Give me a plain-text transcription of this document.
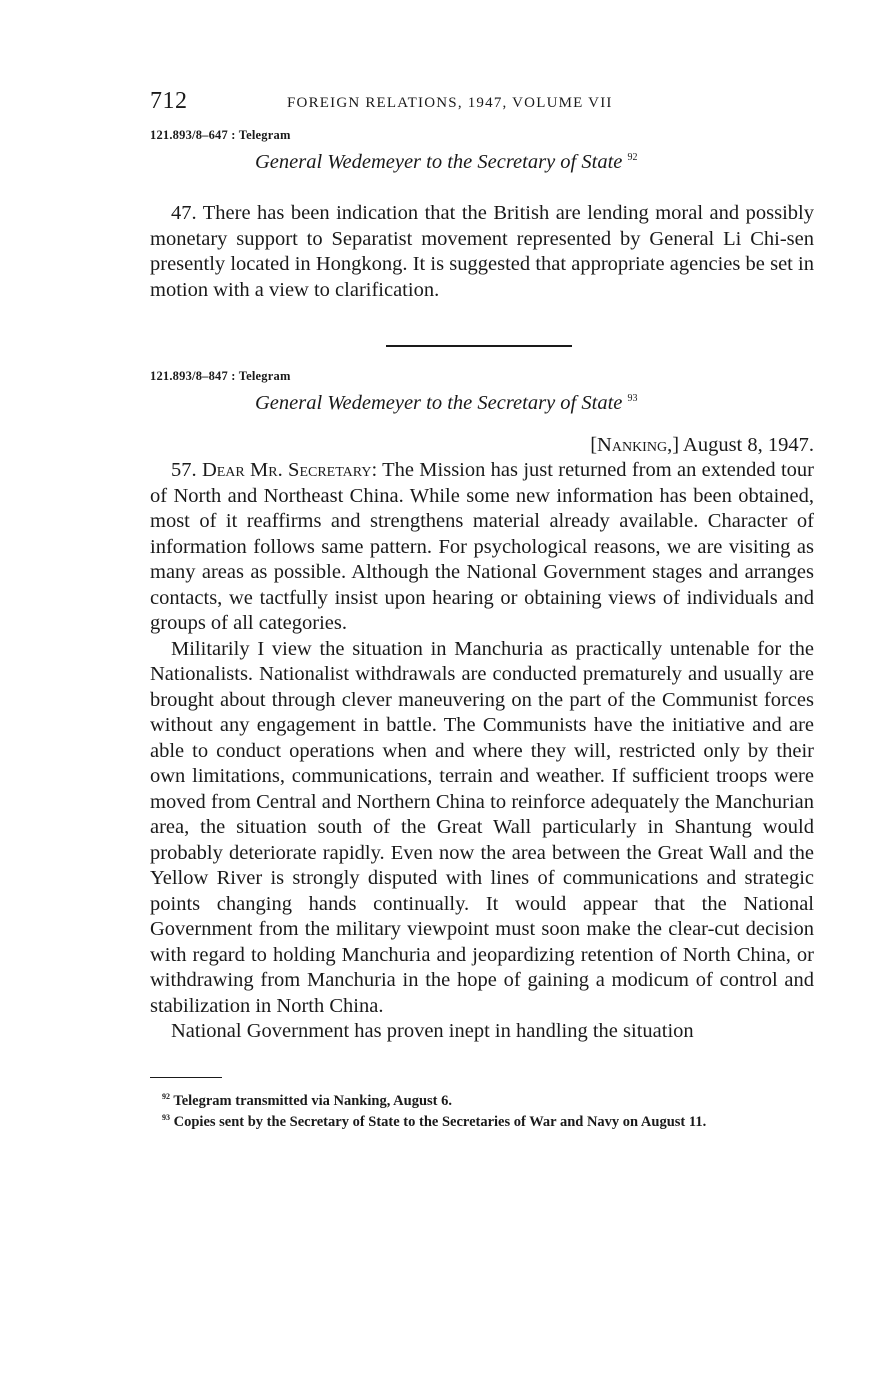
712	FOREIGN RELATIONS, 1947, VOLUME VII
121.893/8–647 : Telegram
General Wedemeyer to the Secretary of State $^{92}$

47. There has been indication that the British are lending moral and possibly monetary support to Separatist movement represented by General Li Chi-sen presently located in Hongkong. It is suggested that appropriate agencies be set in motion with a view to clarification.

121.893/8–847 : Telegram
General Wedemeyer to the Secretary of State $^{93}$
[Nanking,] August 8, 1947.

57. Dear Mr. Secretary: The Mission has just returned from an extended tour of North and Northeast China. While some new information has been obtained, most of it reaffirms and strengthens material already available. Character of information follows same pattern. For psychological reasons, we are visiting as many areas as possible. Although the National Government stages and arranges contacts, we tactfully insist upon hearing or obtaining views of individuals and groups of all categories.

Militarily I view the situation in Manchuria as practically untenable for the Nationalists. Nationalist withdrawals are conducted prematurely and usually are brought about through clever maneuvering on the part of the Communist forces without any engagement in battle. The Communists have the initiative and are able to conduct operations when and where they will, restricted only by their own limitations, communications, terrain and weather. If sufficient troops were moved from Central and Northern China to reinforce adequately the Manchurian area, the situation south of the Great Wall particularly in Shantung would probably deteriorate rapidly. Even now the area between the Great Wall and the Yellow River is strongly disputed with lines of communications and strategic points changing hands continually. It would appear that the National Government from the military viewpoint must soon make the clear-cut decision with regard to holding Manchuria and jeopardizing retention of North China, or withdrawing from Manchuria in the hope of gaining a modicum of control and stabilization in North China.

National Government has proven inept in handling the situation

$^{92}$ Telegram transmitted via Nanking, August 6.
$^{93}$ Copies sent by the Secretary of State to the Secretaries of War and Navy on August 11.
